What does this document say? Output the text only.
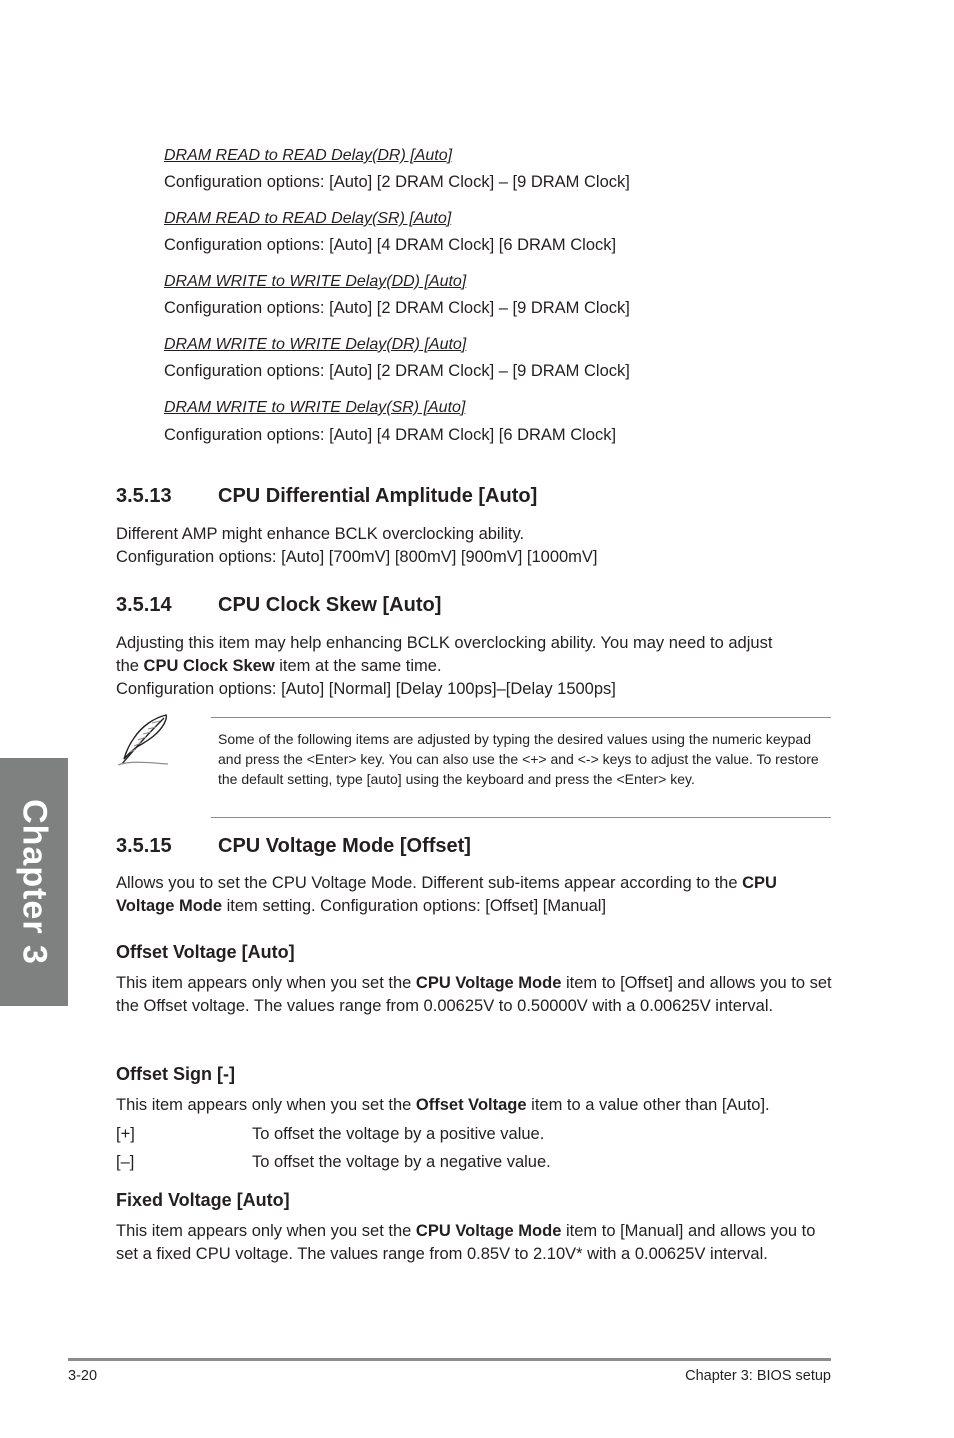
DRAM READ to READ Delay(DR) [Auto]
Configuration options: [Auto] [2 DRAM Clock] – [9 DRAM Clock]
DRAM READ to READ Delay(SR) [Auto]
Configuration options: [Auto] [4 DRAM Clock] [6 DRAM Clock]
DRAM WRITE to WRITE Delay(DD) [Auto]
Configuration options: [Auto] [2 DRAM Clock] – [9 DRAM Clock]
DRAM WRITE to WRITE Delay(DR) [Auto]
Configuration options: [Auto] [2 DRAM Clock] – [9 DRAM Clock]
DRAM WRITE to WRITE Delay(SR) [Auto]
Configuration options: [Auto] [4 DRAM Clock] [6 DRAM Clock]
3.5.13 CPU Differential Amplitude [Auto]
Different AMP might enhance BCLK overclocking ability.
Configuration options: [Auto] [700mV] [800mV] [900mV] [1000mV]
3.5.14 CPU Clock Skew [Auto]
Adjusting this item may help enhancing BCLK overclocking ability. You may need to adjust
the CPU Clock Skew item at the same time.
Configuration options: [Auto] [Normal] [Delay 100ps]–[Delay 1500ps]
Some of the following items are adjusted by typing the desired values using the numeric keypad and press the <Enter> key. You can also use the <+> and <-> keys to adjust the value. To restore the default setting, type [auto] using the keyboard and press the <Enter> key.
3.5.15 CPU Voltage Mode [Offset]
Allows you to set the CPU Voltage Mode. Different sub-items appear according to the CPU Voltage Mode item setting. Configuration options: [Offset] [Manual]
Offset Voltage [Auto]
This item appears only when you set the CPU Voltage Mode item to [Offset] and allows you to set the Offset voltage. The values range from 0.00625V to 0.50000V with a 0.00625V interval.
Offset Sign [-]
This item appears only when you set the Offset Voltage item to a value other than [Auto].
[+]	To offset the voltage by a positive value.
[–]	To offset the voltage by a negative value.
Fixed Voltage [Auto]
This item appears only when you set the CPU Voltage Mode item to [Manual] and allows you to set a fixed CPU voltage. The values range from 0.85V to 2.10V* with a 0.00625V interval.
Chapter 3
3-20	Chapter 3: BIOS setup
